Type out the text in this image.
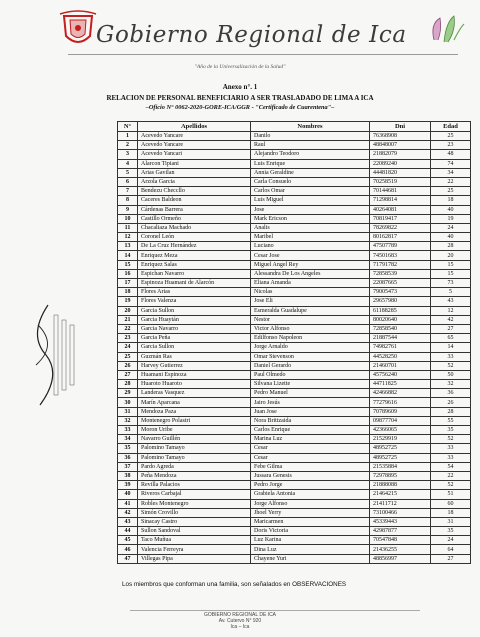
Gobierno Regional de Ica
"Año de la Universalización de la Salud"
Anexo n°. 1
RELACION DE PERSONAL BENEFICIARIO A SER TRASLADADO DE LIMA A ICA
–Oficio N° 0062-2020-GORE-ICA/GGR - "Certificado de Cuarentena"–
N°	Apellidos	Nombres	Dni	Edad
1	Acevedo Yancare	Danilo	76368908	25
2	Acevedo Yancare	Raul	48848007	23
3	Acevedo Yancari	Alejandro Teodoro	21882079	48
4	Alarcon Tipiani	Luis Enrique	22089240	74
5	Arias Gavilan	Annia Geraldine	44481820	34
6	Arzola Garcia	Carla Consuelo	70258519	22
7	Bendezu Checcllo	Carlos Omar	70144681	25
8	Caceres Baldeon	Luis Miguel	71298814	18
9	Cárdenas Barrera	Jose	40264081	40
10	Castillo Ormeño	Mark Ericson	70819417	19
11	Chacaliaza Machado	Analis	78269822	24
12	Coronel León	Maribel	80162817	40
13	De La Cruz Hernández	Luciano	47507789	28
14	Enriquez Meza	Cesar Jose	74501683	20
15	Enriquez Salas	Miguel Angel Rey	71791782	15
16	Espichan Navarro	Alessandra De Los Angeles	72858539	15
17	Espinoza Huamani de Alarcón	Eliana Amanda	22087665	73
18	Flores Arias	Nicolas	79005473	5
19	Flores Valenza	Jose Eli	29657980	43
20	Garcia Sullon	Esmeralda Guadalupe	61188285	12
21	Garcia Huaytán	Nestor	80020640	42
22	Garcia Navarro	Victor Alfonso	72858540	27
23	Garcia Peña	Edilfonso Napoleon	21887544	65
24	Garcia Sullon	Jorge Arnaldo	74982761	14
25	Guzmán Ras	Omar Stevenson	44528250	33
26	Harvey Gutierrez	Daniel Gerardo	21460701	52
27	Huamani Espinoza	Paul Olmedo	45756240	50
28	Huaroto Huaroto	Silvana Lizette	44711825	32
29	Landeras Vasquez	Pedro Manuel	42466882	36
30	Marín Aparcana	Jairo Jesús	77279616	26
31	Mendoza Paza	Juan Jose	70789609	28
32	Montenegro Polastri	Nora Brittzaida	09877704	55
33	Moron Uribe	Carlos Enrique	42366065	35
34	Navarro Guillén	Marina Luz	21529919	52
35	Palomino Tamayo	Cesar	48952725	33
36	Palomino Tamayo	Cesar	48952725	33
37	Pardo Agreda	Febe Gilma	21535884	54
38	Peña Mendoza	Jussara Genesis	72978895	22
39	Revilla Palacios	Pedro Jorge	21888088	52
40	Riveros Carbajal	Grabiela Antonia	21464215	51
41	Robles Montenegro	Jorge Alfonso	21411712	60
42	Simón Crovillo	Jhoel Yerry	73100466	18
43	Sinacay Castro	Maricarmen	45339443	31
44	Sullon Sandoval	Doris Victoria	42987877	35
45	Taco Muñua	Luz Karina	70547848	24
46	Valencia Ferreyra	Dina Luz	21436255	64
47	Villegas Pipa	Chayene Yuri	48856997	27
Los miembros que conforman una familia, son señalados en OBSERVACIONES
GOBIERNO REGIONAL DE ICA
Av. Cutervo N° 920
Ica – Ica
